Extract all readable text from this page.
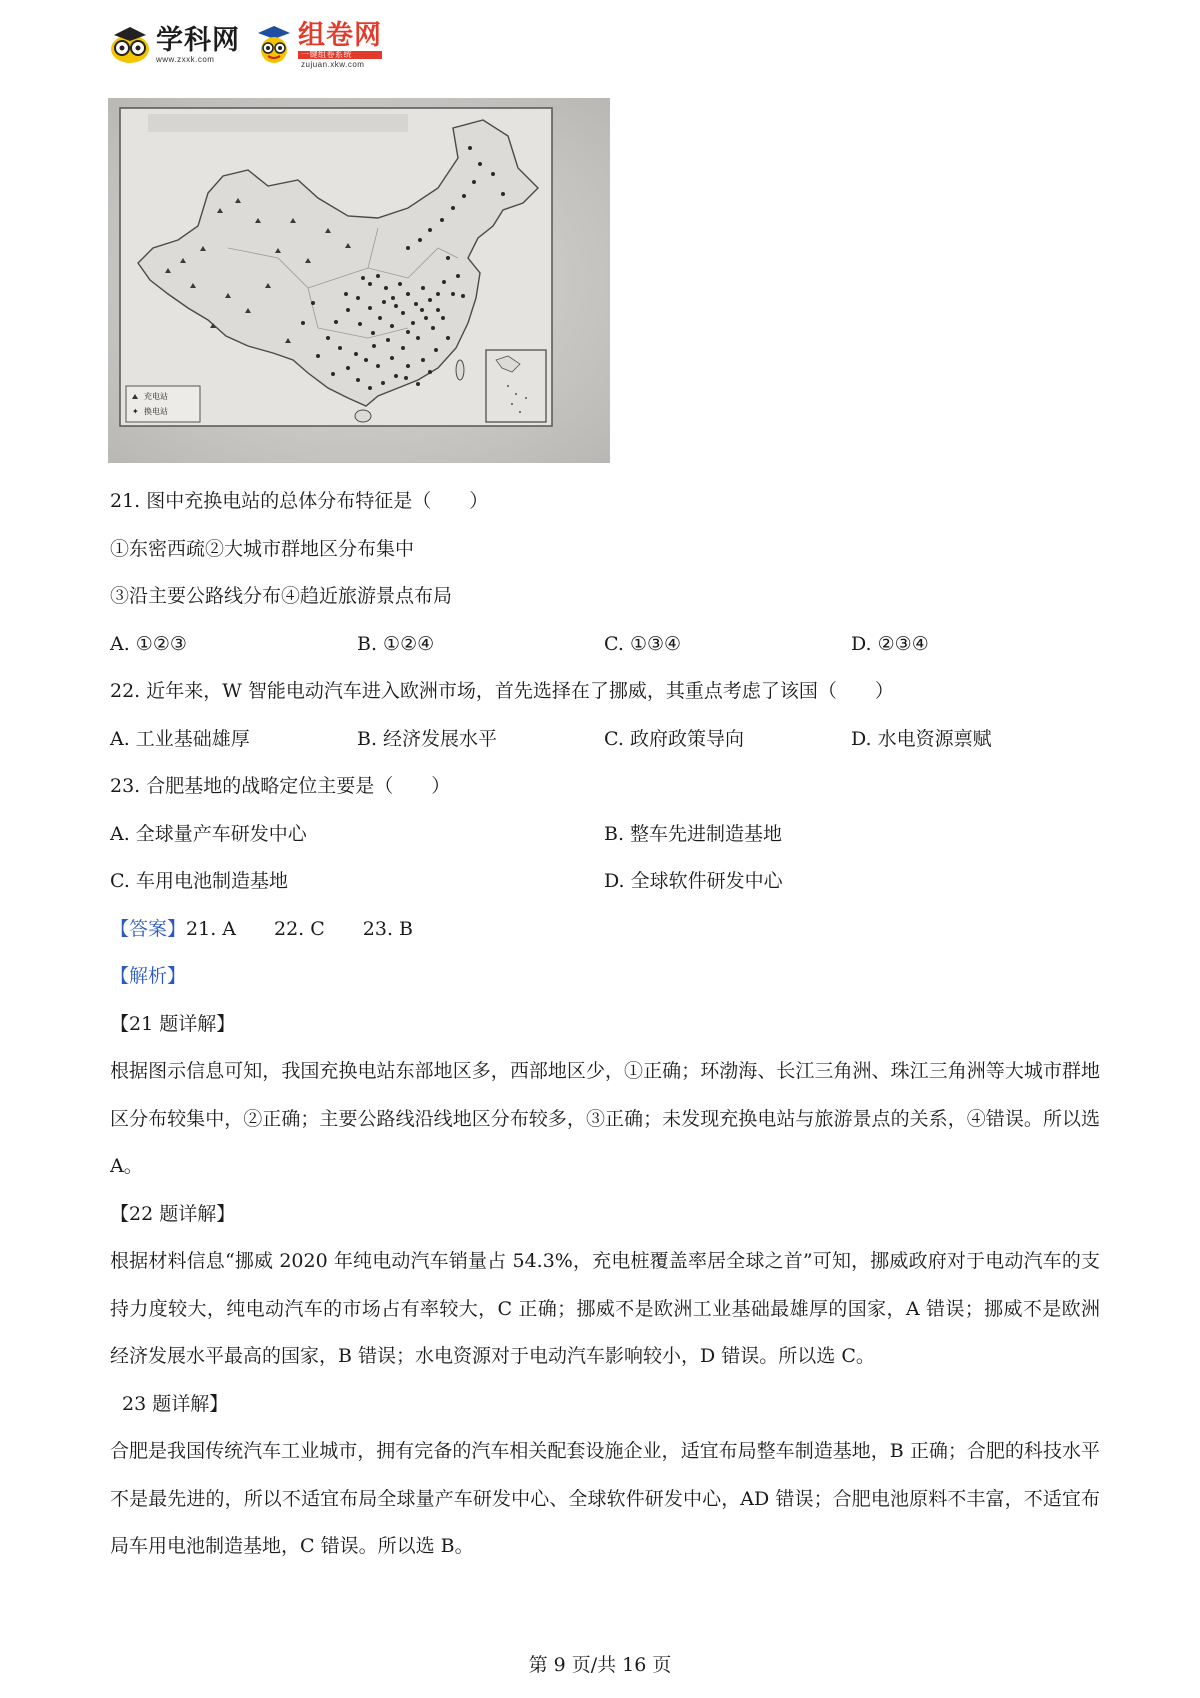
学科网
www.zxxk.com
组卷网
一键组卷系统
zujuan.xkw.com
充电站
✦ 换电站
21. 图中充换电站的总体分布特征是（　　）
①东密西疏②大城市群地区分布集中
③沿主要公路线分布④趋近旅游景点布局
A. ①②③	B. ①②④	C. ①③④	D. ②③④
22. 近年来，W 智能电动汽车进入欧洲市场，首先选择在了挪威，其重点考虑了该国（　　）
A. 工业基础雄厚	B. 经济发展水平	C. 政府政策导向	D. 水电资源禀赋
23. 合肥基地的战略定位主要是（　　）
A. 全球量产车研发中心	B. 整车先进制造基地
C. 车用电池制造基地	D. 全球软件研发中心
【答案】21. A　　22. C　　23. B
【解析】
【21 题详解】
根据图示信息可知，我国充换电站东部地区多，西部地区少，①正确；环渤海、长江三角洲、珠江三角洲等大城市群地区分布较集中，②正确；主要公路线沿线地区分布较多，③正确；未发现充换电站与旅游景点的关系，④错误。所以选 A。
【22 题详解】
根据材料信息“挪威 2020 年纯电动汽车销量占 54.3%，充电桩覆盖率居全球之首”可知，挪威政府对于电动汽车的支持力度较大，纯电动汽车的市场占有率较大，C 正确；挪威不是欧洲工业基础最雄厚的国家，A 错误；挪威不是欧洲经济发展水平最高的国家，B 错误；水电资源对于电动汽车影响较小，D 错误。所以选 C。
23 题详解】
合肥是我国传统汽车工业城市，拥有完备的汽车相关配套设施企业，适宜布局整车制造基地，B 正确；合肥的科技水平不是最先进的，所以不适宜布局全球量产车研发中心、全球软件研发中心，AD 错误；合肥电池原料不丰富，不适宜布局车用电池制造基地，C 错误。所以选 B。
第 9 页/共 16 页
